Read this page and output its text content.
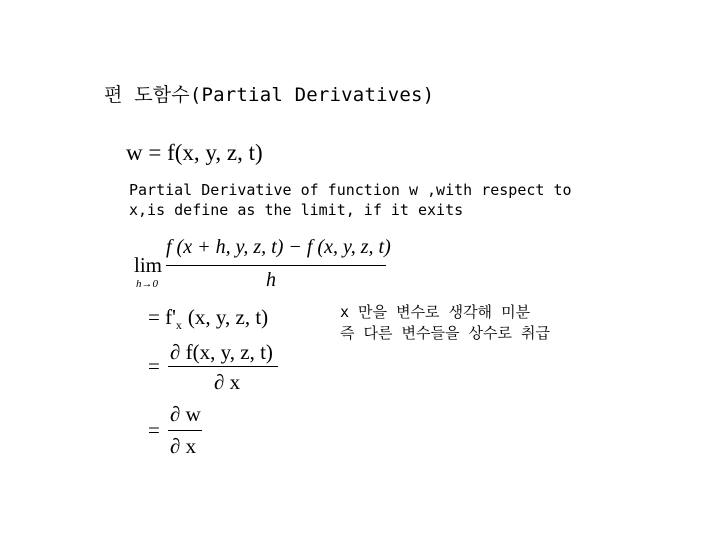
편 도함수(Partial Derivatives)
w = f(x, y, z, t)
Partial Derivative of function w ,with respect to
x,is define as the limit, if it exits
lim
h→0
f (x + h, y, z, t) − f (x, y, z, t)
h
= $f'_x$ (x, y, z, t)
=
∂ f(x, y, z, t)
∂ x
=
∂ w
∂ x
x 만을 변수로 생각해 미분
즉 다른 변수들을 상수로 취급
